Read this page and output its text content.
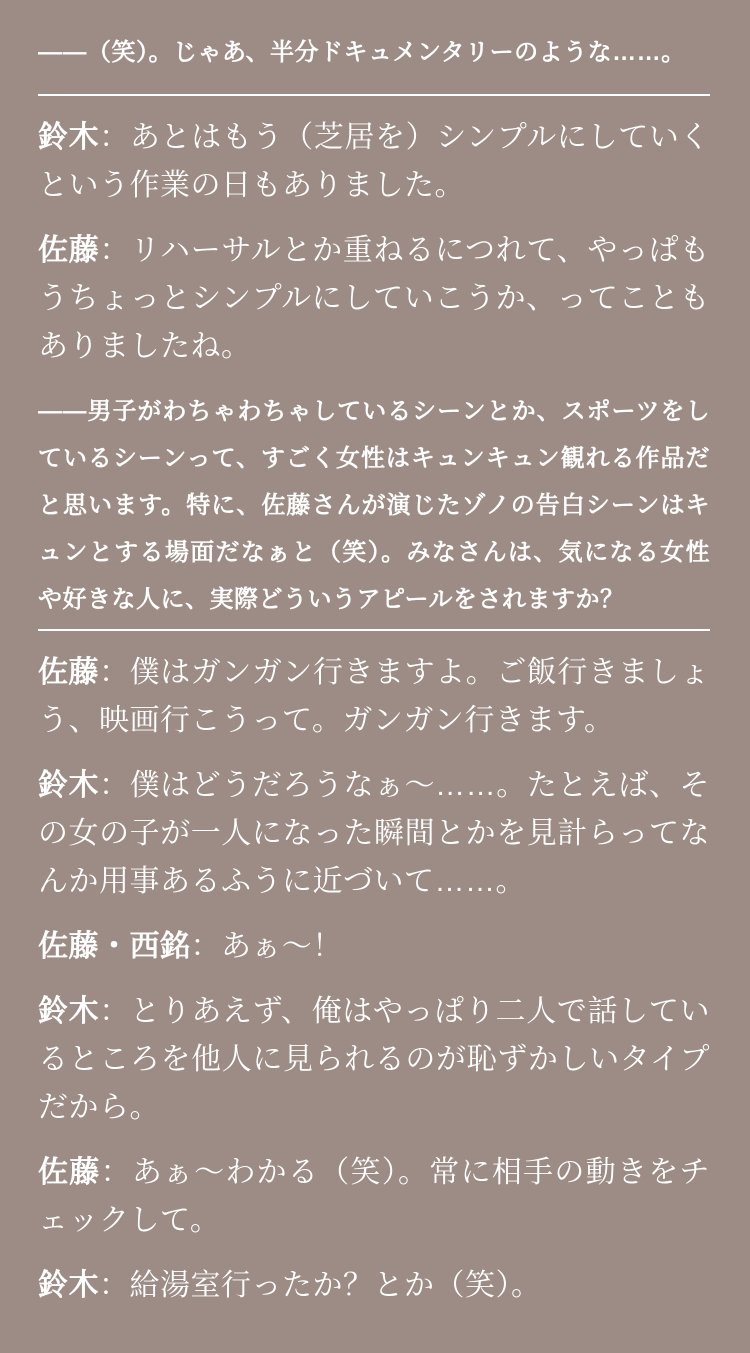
——（笑）。じゃあ、半分ドキュメンタリーのような……。

鈴木：あとはもう（芝居を）シンプルにしていくという作業の日もありました。

佐藤：リハーサルとか重ねるにつれて、やっぱもうちょっとシンプルにしていこうか、ってこともありましたね。

——男子がわちゃわちゃしているシーンとか、スポーツをしているシーンって、すごく女性はキュンキュン観れる作品だと思います。特に、佐藤さんが演じたゾノの告白シーンはキュンとする場面だなぁと（笑）。みなさんは、気になる女性や好きな人に、実際どういうアピールをされますか？

佐藤：僕はガンガン行きますよ。ご飯行きましょう、映画行こうって。ガンガン行きます。

鈴木：僕はどうだろうなぁ～……。たとえば、その女の子が一人になった瞬間とかを見計らってなんか用事あるふうに近づいて……。

佐藤・西銘：あぁ～！

鈴木：とりあえず、俺はやっぱり二人で話しているところを他人に見られるのが恥ずかしいタイプだから。

佐藤：あぁ～わかる（笑）。常に相手の動きをチェックして。

鈴木：給湯室行ったか？とか（笑）。
